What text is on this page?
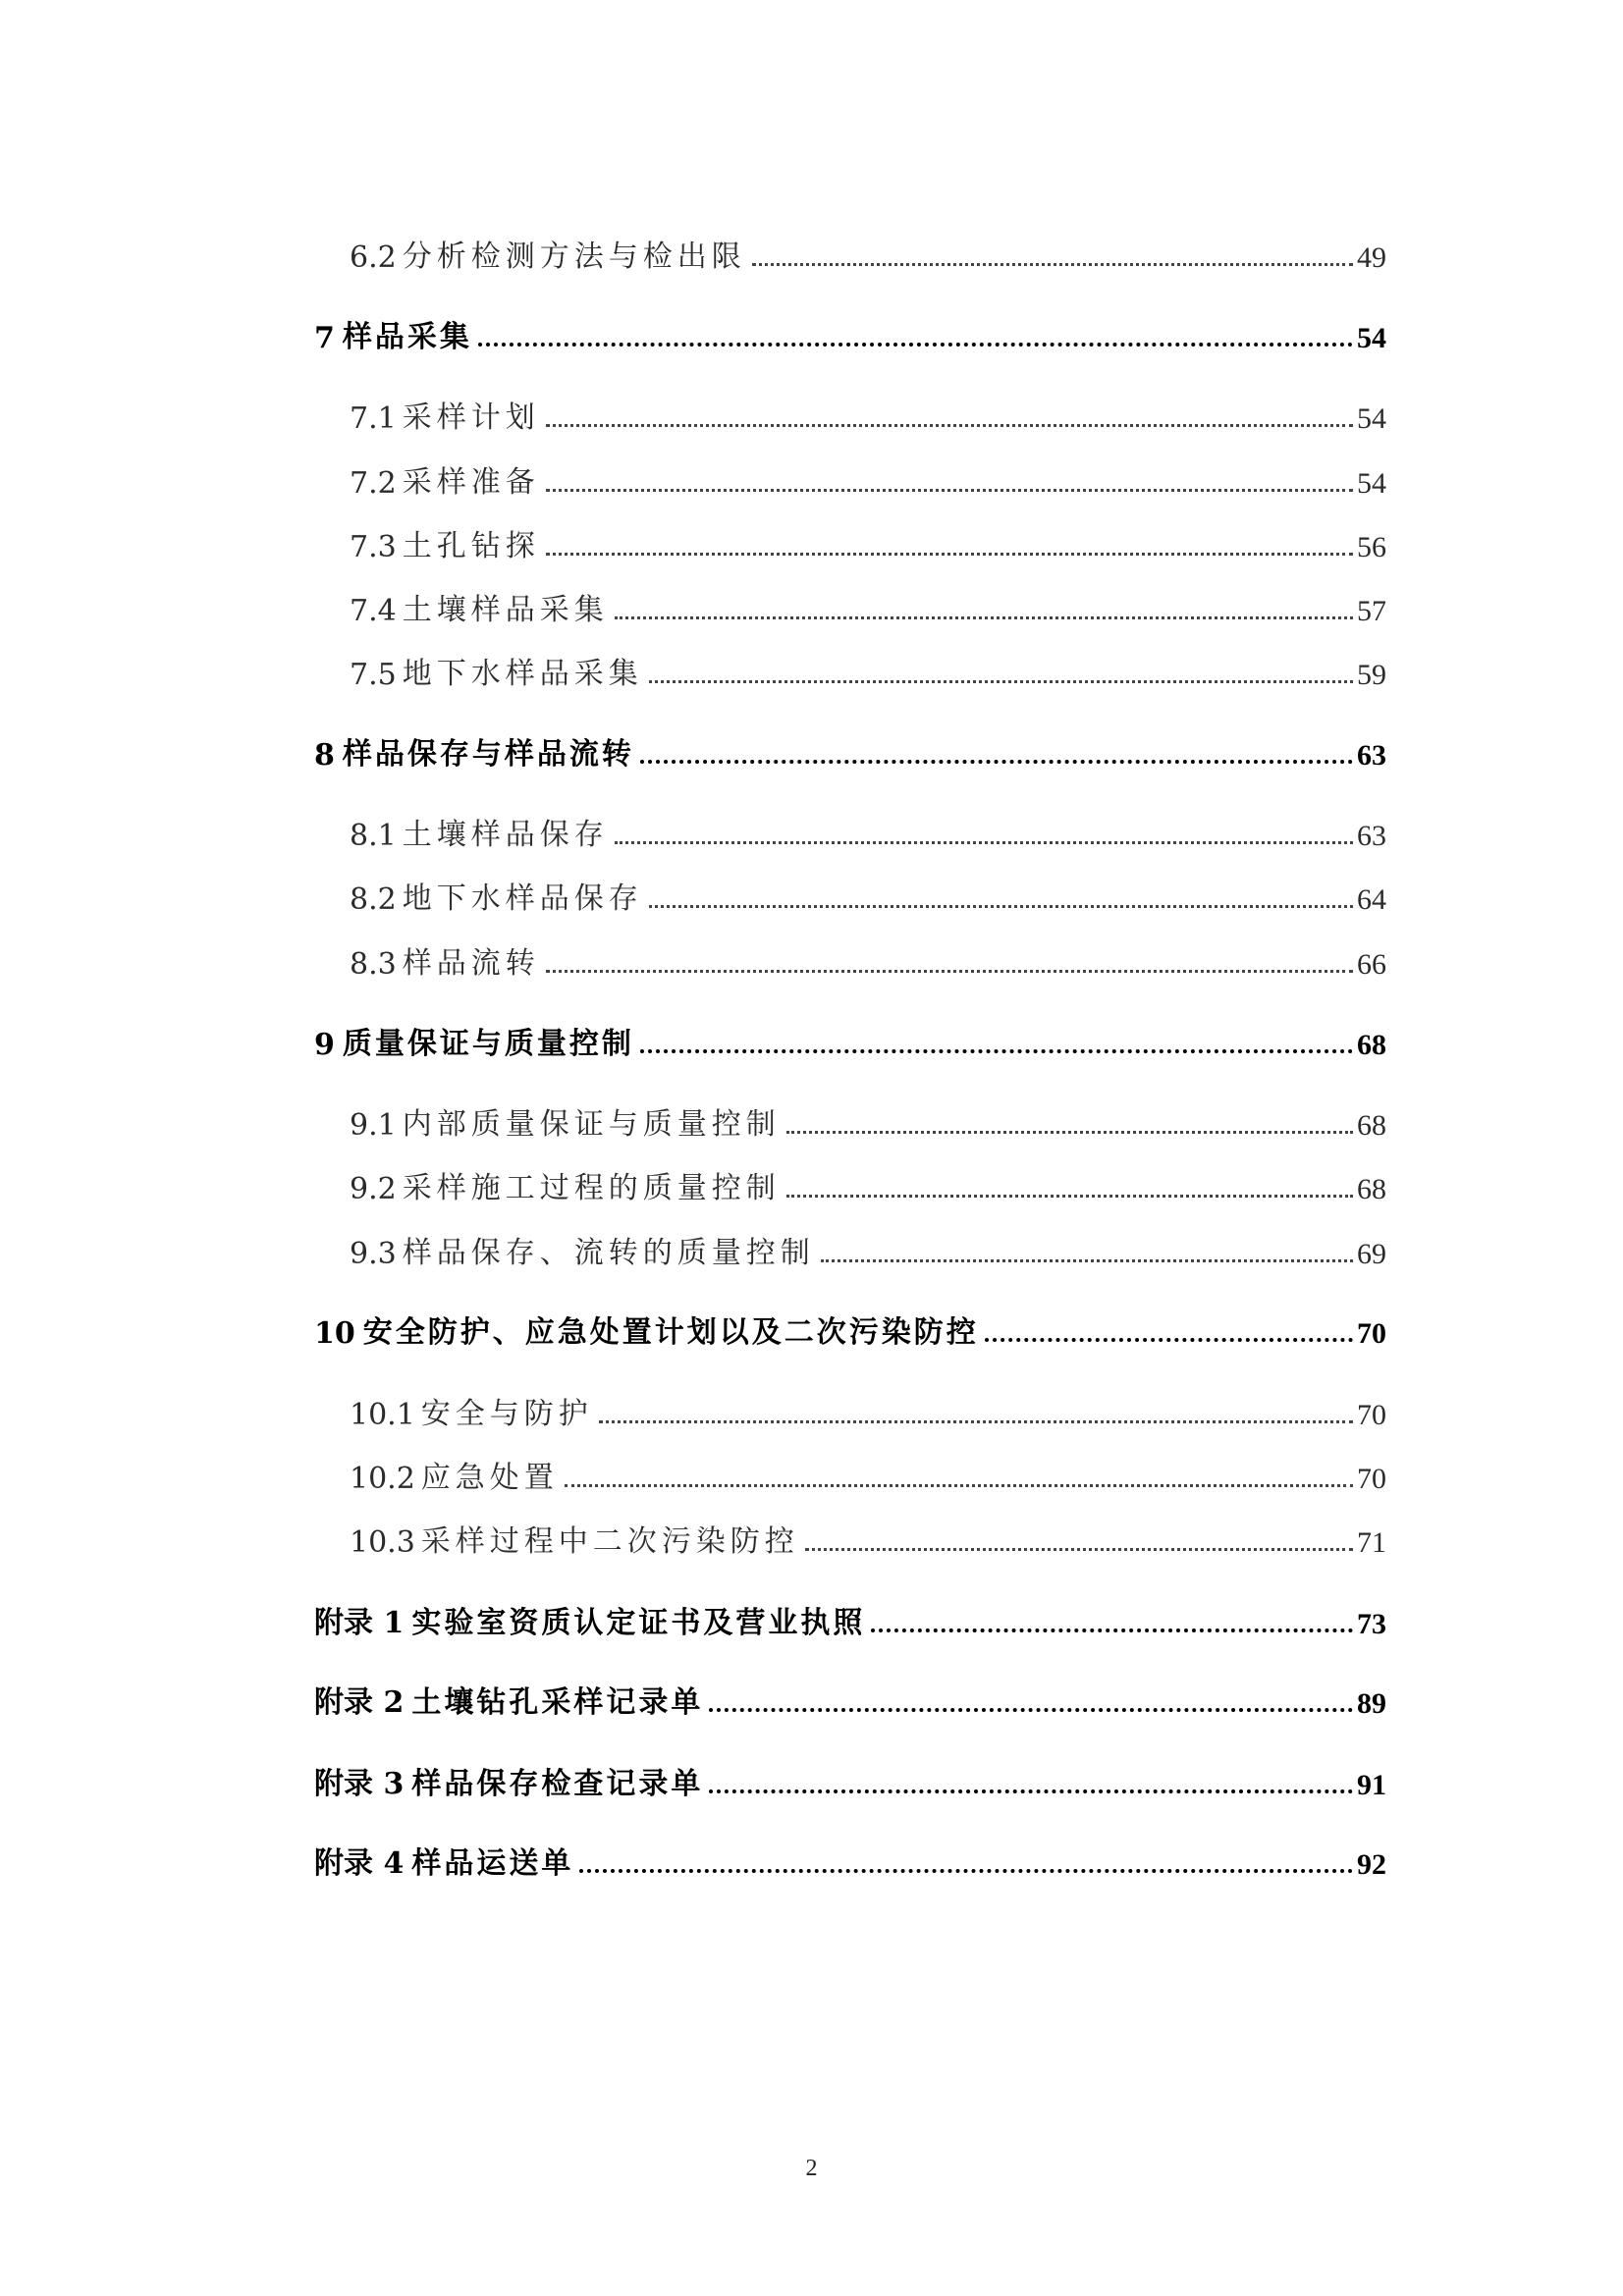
6.2 分析检测方法与检出限	49
7 样品采集	54
7.1 采样计划	54
7.2 采样准备	54
7.3 土孔钻探	56
7.4 土壤样品采集	57
7.5 地下水样品采集	59
8 样品保存与样品流转	63
8.1 土壤样品保存	63
8.2 地下水样品保存	64
8.3 样品流转	66
9 质量保证与质量控制	68
9.1 内部质量保证与质量控制	68
9.2 采样施工过程的质量控制	68
9.3 样品保存、流转的质量控制	69
10 安全防护、应急处置计划以及二次污染防控	70
10.1 安全与防护	70
10.2 应急处置	70
10.3 采样过程中二次污染防控	71
附录 1 实验室资质认定证书及营业执照	73
附录 2 土壤钻孔采样记录单	89
附录 3 样品保存检查记录单	91
附录 4 样品运送单	92
2
